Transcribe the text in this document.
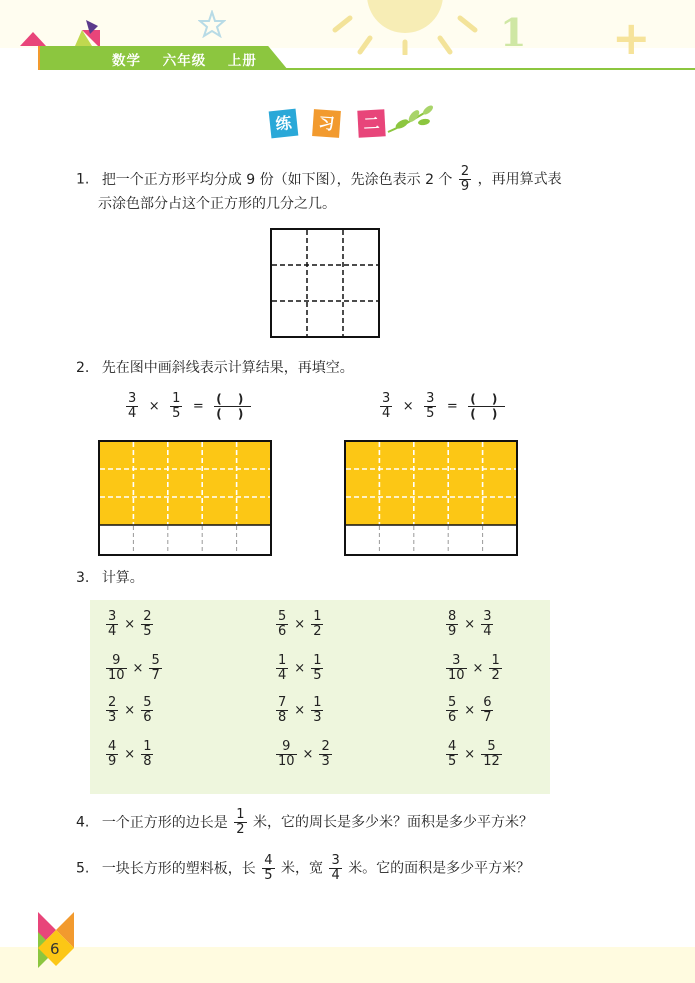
1 +
数学 六年级 上册
练	习	二
1. 把一个正方形平均分成 9 份（如下图），先涂色表示 2 个 $\frac{2}{9}$ ，再用算式表
示涂色部分占这个正方形的几分之几。
2. 先在图中画斜线表示计算结果，再填空。
$\frac{3}{4} \times \frac{1}{5}$ = ( )
( )	$\frac{3}{4} \times \frac{3}{5}$ = ( )
( )
3. 计算。
$\frac{3}{4} \times \frac{2}{5}$	$\frac{5}{6} \times \frac{1}{2}$	$\frac{8}{9} \times \frac{3}{4}$
$\frac{9}{10} \times \frac{5}{7}$	$\frac{1}{4} \times \frac{1}{5}$	$\frac{3}{10} \times \frac{1}{2}$
$\frac{2}{3} \times \frac{5}{6}$	$\frac{7}{8} \times \frac{1}{3}$	$\frac{5}{6} \times \frac{6}{7}$
$\frac{4}{9} \times \frac{1}{8}$	$\frac{9}{10} \times \frac{2}{3}$	$\frac{4}{5} \times \frac{5}{12}$
4. 一个正方形的边长是 $\frac{1}{2}$ 米，它的周长是多少米？面积是多少平方米？
5. 一块长方形的塑料板，长 $\frac{4}{5}$ 米，宽 $\frac{3}{4}$ 米。它的面积是多少平方米？
6
